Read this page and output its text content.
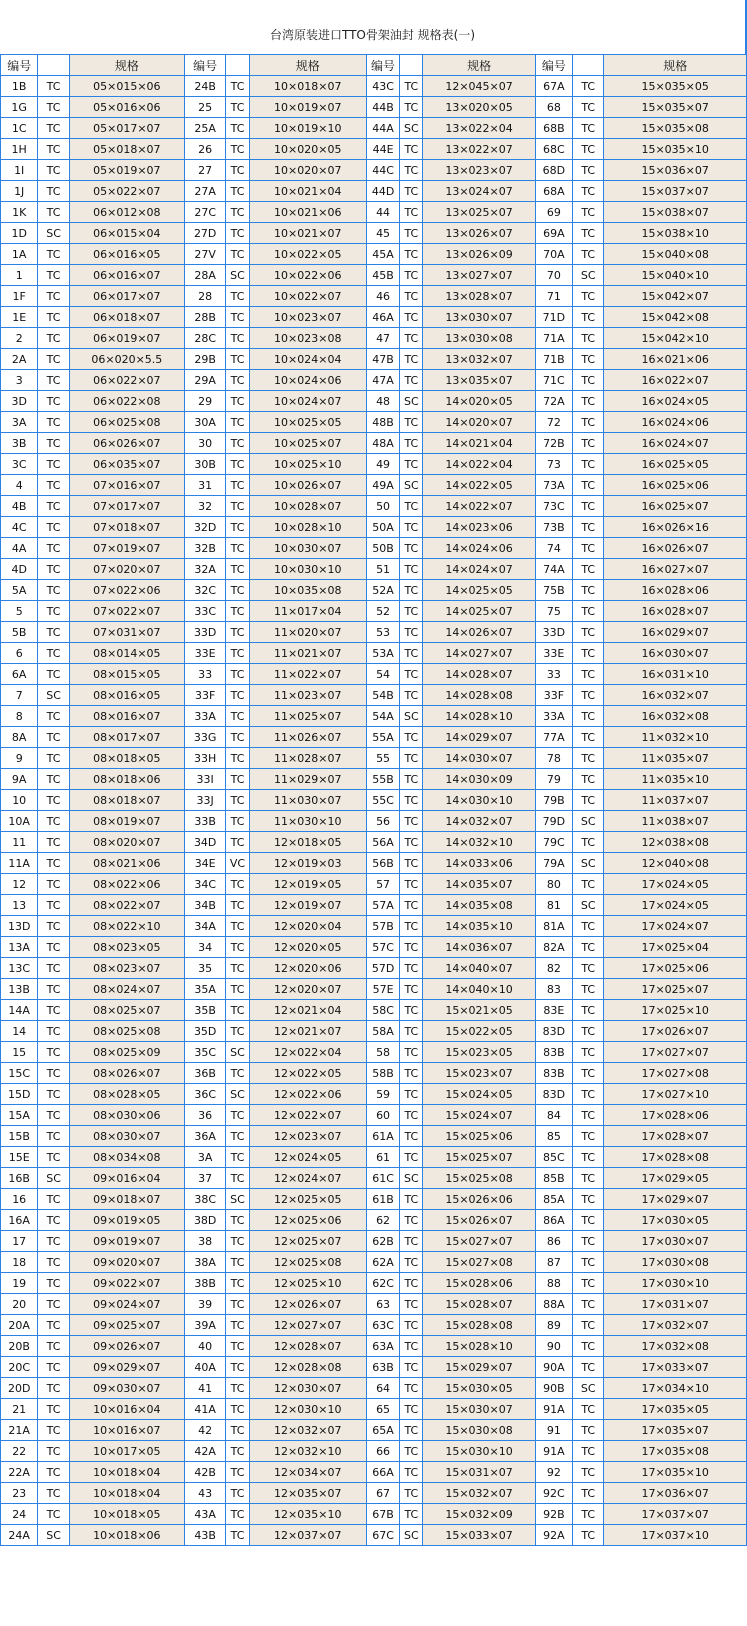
台湾原装进口TTO骨架油封 规格表(一)
编号		规格	编号		规格	编号		规格	编号		规格
1B	TC	05×015×06	24B	TC	10×018×07	43C	TC	12×045×07	67A	TC	15×035×05
1G	TC	05×016×06	25	TC	10×019×07	44B	TC	13×020×05	68	TC	15×035×07
1C	TC	05×017×07	25A	TC	10×019×10	44A	SC	13×022×04	68B	TC	15×035×08
1H	TC	05×018×07	26	TC	10×020×05	44E	TC	13×022×07	68C	TC	15×035×10
1I	TC	05×019×07	27	TC	10×020×07	44C	TC	13×023×07	68D	TC	15×036×07
1J	TC	05×022×07	27A	TC	10×021×04	44D	TC	13×024×07	68A	TC	15×037×07
1K	TC	06×012×08	27C	TC	10×021×06	44	TC	13×025×07	69	TC	15×038×07
1D	SC	06×015×04	27D	TC	10×021×07	45	TC	13×026×07	69A	TC	15×038×10
1A	TC	06×016×05	27V	TC	10×022×05	45A	TC	13×026×09	70A	TC	15×040×08
1	TC	06×016×07	28A	SC	10×022×06	45B	TC	13×027×07	70	SC	15×040×10
1F	TC	06×017×07	28	TC	10×022×07	46	TC	13×028×07	71	TC	15×042×07
1E	TC	06×018×07	28B	TC	10×023×07	46A	TC	13×030×07	71D	TC	15×042×08
2	TC	06×019×07	28C	TC	10×023×08	47	TC	13×030×08	71A	TC	15×042×10
2A	TC	06×020×5.5	29B	TC	10×024×04	47B	TC	13×032×07	71B	TC	16×021×06
3	TC	06×022×07	29A	TC	10×024×06	47A	TC	13×035×07	71C	TC	16×022×07
3D	TC	06×022×08	29	TC	10×024×07	48	SC	14×020×05	72A	TC	16×024×05
3A	TC	06×025×08	30A	TC	10×025×05	48B	TC	14×020×07	72	TC	16×024×06
3B	TC	06×026×07	30	TC	10×025×07	48A	TC	14×021×04	72B	TC	16×024×07
3C	TC	06×035×07	30B	TC	10×025×10	49	TC	14×022×04	73	TC	16×025×05
4	TC	07×016×07	31	TC	10×026×07	49A	SC	14×022×05	73A	TC	16×025×06
4B	TC	07×017×07	32	TC	10×028×07	50	TC	14×022×07	73C	TC	16×025×07
4C	TC	07×018×07	32D	TC	10×028×10	50A	TC	14×023×06	73B	TC	16×026×16
4A	TC	07×019×07	32B	TC	10×030×07	50B	TC	14×024×06	74	TC	16×026×07
4D	TC	07×020×07	32A	TC	10×030×10	51	TC	14×024×07	74A	TC	16×027×07
5A	TC	07×022×06	32C	TC	10×035×08	52A	TC	14×025×05	75B	TC	16×028×06
5	TC	07×022×07	33C	TC	11×017×04	52	TC	14×025×07	75	TC	16×028×07
5B	TC	07×031×07	33D	TC	11×020×07	53	TC	14×026×07	33D	TC	16×029×07
6	TC	08×014×05	33E	TC	11×021×07	53A	TC	14×027×07	33E	TC	16×030×07
6A	TC	08×015×05	33	TC	11×022×07	54	TC	14×028×07	33	TC	16×031×10
7	SC	08×016×05	33F	TC	11×023×07	54B	TC	14×028×08	33F	TC	16×032×07
8	TC	08×016×07	33A	TC	11×025×07	54A	SC	14×028×10	33A	TC	16×032×08
8A	TC	08×017×07	33G	TC	11×026×07	55A	TC	14×029×07	77A	TC	11×032×10
9	TC	08×018×05	33H	TC	11×028×07	55	TC	14×030×07	78	TC	11×035×07
9A	TC	08×018×06	33I	TC	11×029×07	55B	TC	14×030×09	79	TC	11×035×10
10	TC	08×018×07	33J	TC	11×030×07	55C	TC	14×030×10	79B	TC	11×037×07
10A	TC	08×019×07	33B	TC	11×030×10	56	TC	14×032×07	79D	SC	11×038×07
11	TC	08×020×07	34D	TC	12×018×05	56A	TC	14×032×10	79C	TC	12×038×08
11A	TC	08×021×06	34E	VC	12×019×03	56B	TC	14×033×06	79A	SC	12×040×08
12	TC	08×022×06	34C	TC	12×019×05	57	TC	14×035×07	80	TC	17×024×05
13	TC	08×022×07	34B	TC	12×019×07	57A	TC	14×035×08	81	SC	17×024×05
13D	TC	08×022×10	34A	TC	12×020×04	57B	TC	14×035×10	81A	TC	17×024×07
13A	TC	08×023×05	34	TC	12×020×05	57C	TC	14×036×07	82A	TC	17×025×04
13C	TC	08×023×07	35	TC	12×020×06	57D	TC	14×040×07	82	TC	17×025×06
13B	TC	08×024×07	35A	TC	12×020×07	57E	TC	14×040×10	83	TC	17×025×07
14A	TC	08×025×07	35B	TC	12×021×04	58C	TC	15×021×05	83E	TC	17×025×10
14	TC	08×025×08	35D	TC	12×021×07	58A	TC	15×022×05	83D	TC	17×026×07
15	TC	08×025×09	35C	SC	12×022×04	58	TC	15×023×05	83B	TC	17×027×07
15C	TC	08×026×07	36B	TC	12×022×05	58B	TC	15×023×07	83B	TC	17×027×08
15D	TC	08×028×05	36C	SC	12×022×06	59	TC	15×024×05	83D	TC	17×027×10
15A	TC	08×030×06	36	TC	12×022×07	60	TC	15×024×07	84	TC	17×028×06
15B	TC	08×030×07	36A	TC	12×023×07	61A	TC	15×025×06	85	TC	17×028×07
15E	TC	08×034×08	3A	TC	12×024×05	61	TC	15×025×07	85C	TC	17×028×08
16B	SC	09×016×04	37	TC	12×024×07	61C	SC	15×025×08	85B	TC	17×029×05
16	TC	09×018×07	38C	SC	12×025×05	61B	TC	15×026×06	85A	TC	17×029×07
16A	TC	09×019×05	38D	TC	12×025×06	62	TC	15×026×07	86A	TC	17×030×05
17	TC	09×019×07	38	TC	12×025×07	62B	TC	15×027×07	86	TC	17×030×07
18	TC	09×020×07	38A	TC	12×025×08	62A	TC	15×027×08	87	TC	17×030×08
19	TC	09×022×07	38B	TC	12×025×10	62C	TC	15×028×06	88	TC	17×030×10
20	TC	09×024×07	39	TC	12×026×07	63	TC	15×028×07	88A	TC	17×031×07
20A	TC	09×025×07	39A	TC	12×027×07	63C	TC	15×028×08	89	TC	17×032×07
20B	TC	09×026×07	40	TC	12×028×07	63A	TC	15×028×10	90	TC	17×032×08
20C	TC	09×029×07	40A	TC	12×028×08	63B	TC	15×029×07	90A	TC	17×033×07
20D	TC	09×030×07	41	TC	12×030×07	64	TC	15×030×05	90B	SC	17×034×10
21	TC	10×016×04	41A	TC	12×030×10	65	TC	15×030×07	91A	TC	17×035×05
21A	TC	10×016×07	42	TC	12×032×07	65A	TC	15×030×08	91	TC	17×035×07
22	TC	10×017×05	42A	TC	12×032×10	66	TC	15×030×10	91A	TC	17×035×08
22A	TC	10×018×04	42B	TC	12×034×07	66A	TC	15×031×07	92	TC	17×035×10
23	TC	10×018×04	43	TC	12×035×07	67	TC	15×032×07	92C	TC	17×036×07
24	TC	10×018×05	43A	TC	12×035×10	67B	TC	15×032×09	92B	TC	17×037×07
24A	SC	10×018×06	43B	TC	12×037×07	67C	SC	15×033×07	92A	TC	17×037×10
